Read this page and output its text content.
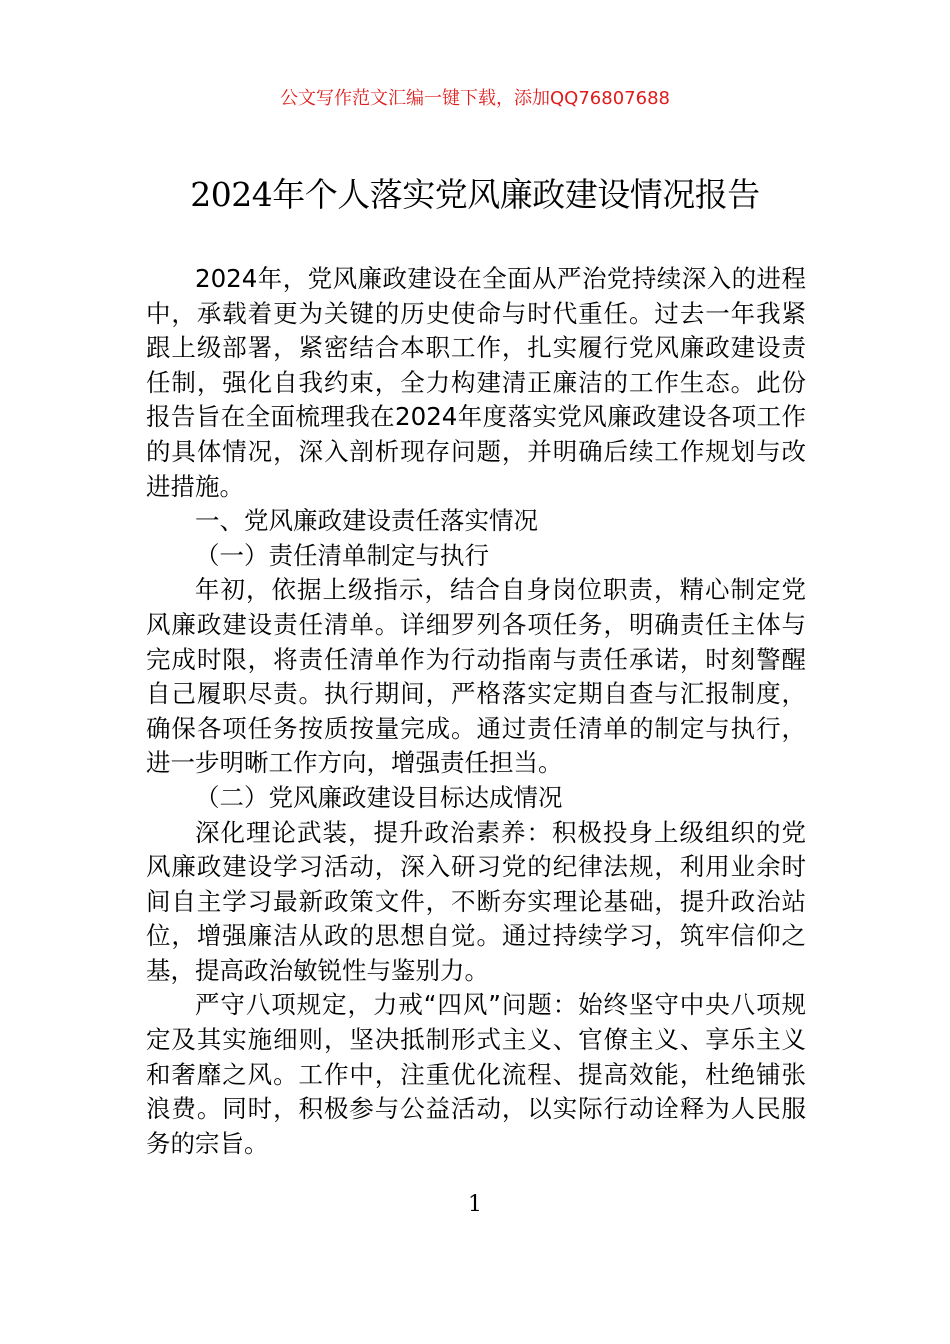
公文写作范文汇编一键下载，添加QQ76807688
2024年个人落实党风廉政建设情况报告

2024年，党风廉政建设在全面从严治党持续深入的进程中，承载着更为关键的历史使命与时代重任。过去一年我紧跟上级部署，紧密结合本职工作，扎实履行党风廉政建设责任制，强化自我约束，全力构建清正廉洁的工作生态。此份报告旨在全面梳理我在2024年度落实党风廉政建设各项工作的具体情况，深入剖析现存问题，并明确后续工作规划与改进措施。

一、党风廉政建设责任落实情况

（一）责任清单制定与执行

年初，依据上级指示，结合自身岗位职责，精心制定党风廉政建设责任清单。详细罗列各项任务，明确责任主体与完成时限，将责任清单作为行动指南与责任承诺，时刻警醒自己履职尽责。执行期间，严格落实定期自查与汇报制度，确保各项任务按质按量完成。通过责任清单的制定与执行，进一步明晰工作方向，增强责任担当。

（二）党风廉政建设目标达成情况

深化理论武装，提升政治素养：积极投身上级组织的党风廉政建设学习活动，深入研习党的纪律法规，利用业余时间自主学习最新政策文件，不断夯实理论基础，提升政治站位，增强廉洁从政的思想自觉。通过持续学习，筑牢信仰之基，提高政治敏锐性与鉴别力。

严守八项规定，力戒“四风”问题：始终坚守中央八项规定及其实施细则，坚决抵制形式主义、官僚主义、享乐主义和奢靡之风。工作中，注重优化流程、提高效能，杜绝铺张浪费。同时，积极参与公益活动，以实际行动诠释为人民服务的宗旨。

1
